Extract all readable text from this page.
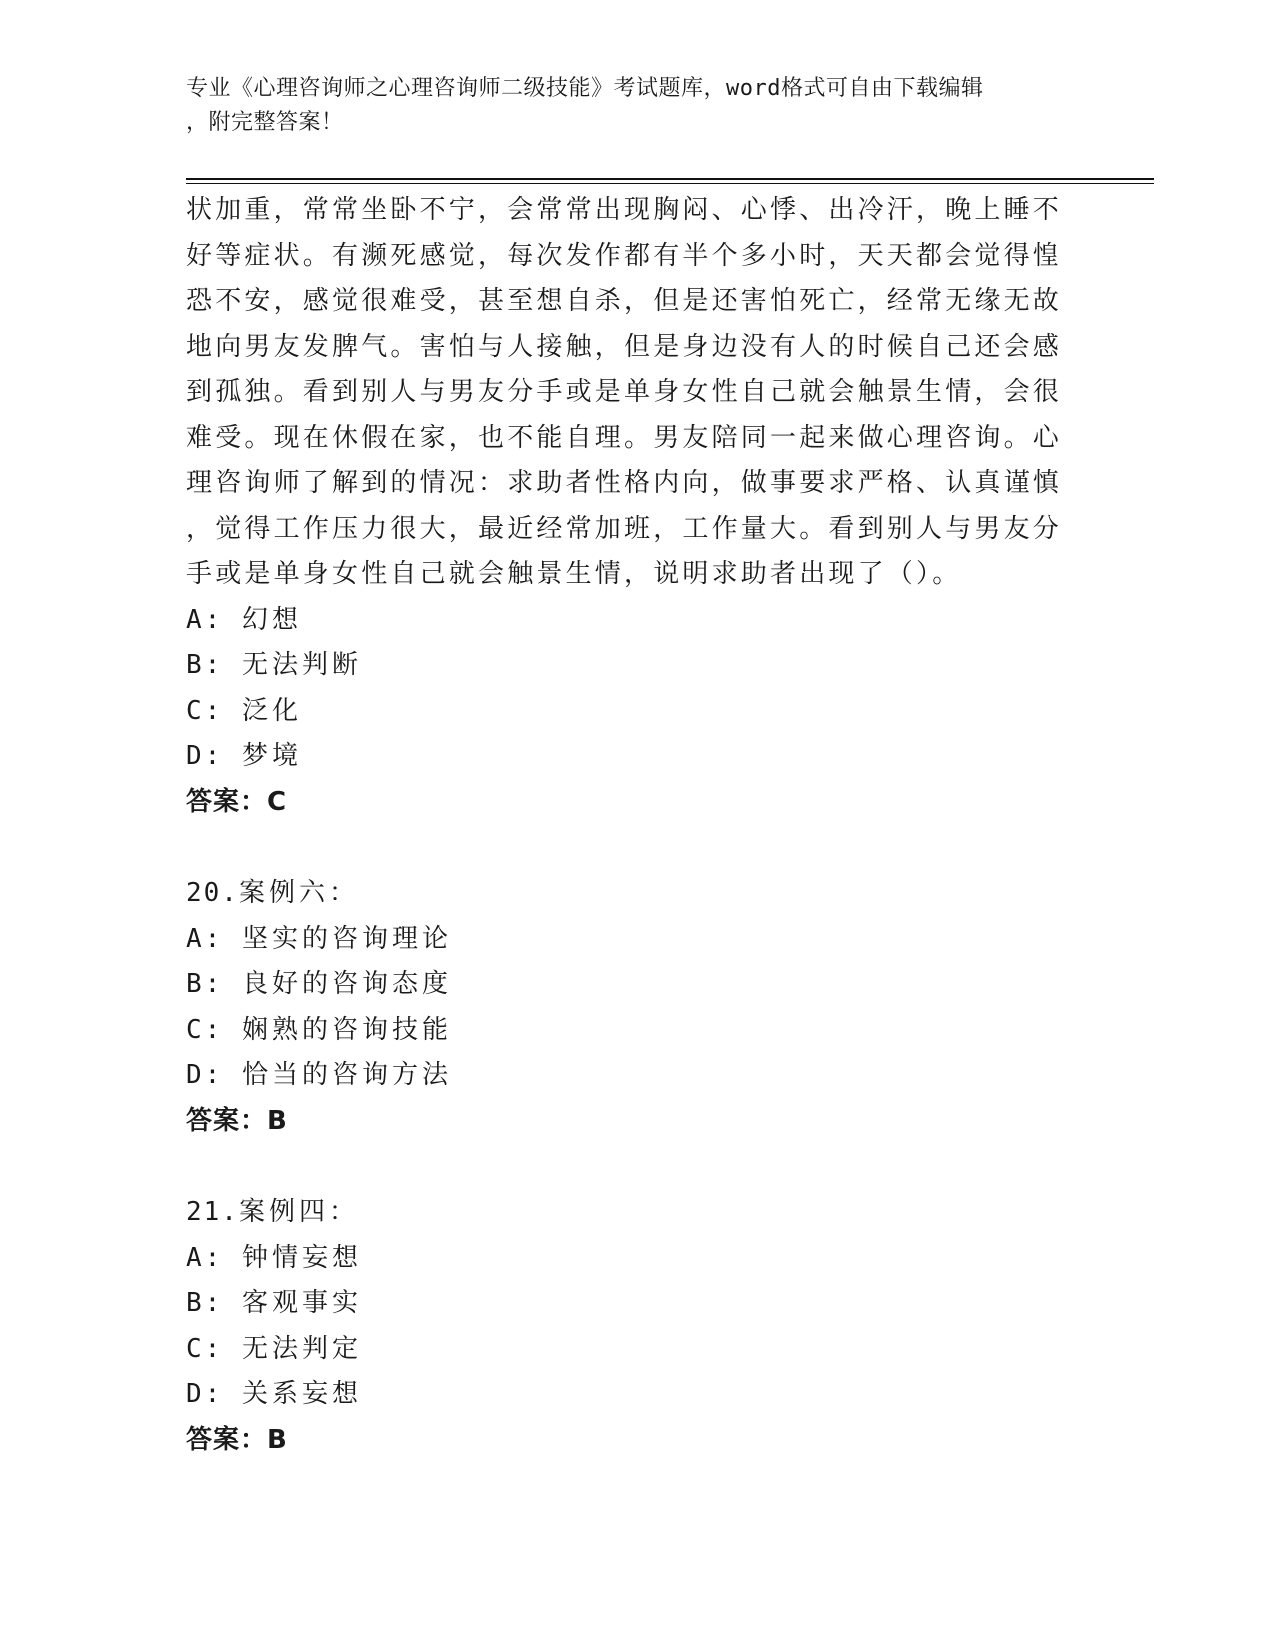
专业《心理咨询师之心理咨询师二级技能》考试题库，word格式可自由下载编辑
，附完整答案！
状加重，常常坐卧不宁，会常常出现胸闷、心悸、出冷汗，晚上睡不
好等症状。有濒死感觉，每次发作都有半个多小时，天天都会觉得惶
恐不安，感觉很难受，甚至想自杀，但是还害怕死亡，经常无缘无故
地向男友发脾气。害怕与人接触，但是身边没有人的时候自己还会感
到孤独。看到别人与男友分手或是单身女性自己就会触景生情，会很
难受。现在休假在家，也不能自理。男友陪同一起来做心理咨询。心
理咨询师了解到的情况：求助者性格内向，做事要求严格、认真谨慎
，觉得工作压力很大，最近经常加班，工作量大。看到别人与男友分
手或是单身女性自己就会触景生情，说明求助者出现了（）。
A: 幻想
B: 无法判断
C: 泛化
D: 梦境
答案：C
20.案例六：
A: 坚实的咨询理论
B: 良好的咨询态度
C: 娴熟的咨询技能
D: 恰当的咨询方法
答案：B
21.案例四：
A: 钟情妄想
B: 客观事实
C: 无法判定
D: 关系妄想
答案：B
